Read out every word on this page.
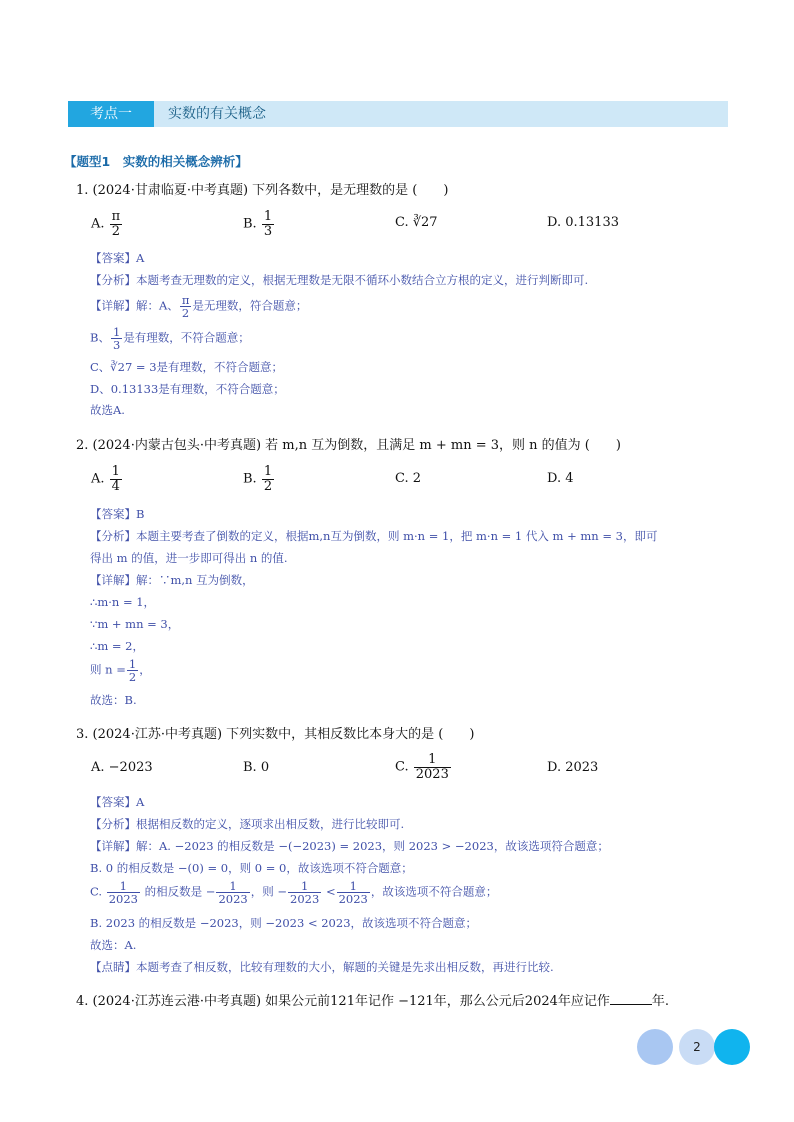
考点一	实数的有关概念
【题型1　实数的相关概念辨析】
1. (2024·甘肃临夏·中考真题) 下列各数中，是无理数的是 (　　)
A. $\frac{\pi}{2}$	B. $\frac{1}{3}$	C. ∛27	D. 0.13133
【答案】A
【分析】本题考查无理数的定义，根据无理数是无限不循环小数结合立方根的定义，进行判断即可.
【详解】解：A、 $\frac{\pi}{2}$ 是无理数，符合题意；
B、 $\frac{1}{3}$ 是有理数，不符合题意；
C、∛27 = 3是有理数，不符合题意；
D、0.13133是有理数，不符合题意；
故选A.
2. (2024·内蒙古包头·中考真题) 若 m,n 互为倒数，且满足 m + mn = 3，则 n 的值为 (　　)
A. $\frac{1}{4}$	B. $\frac{1}{2}$	C. 2	D. 4
【答案】B
【分析】本题主要考查了倒数的定义，根据m,n互为倒数，则 m·n = 1，把 m·n = 1 代入 m + mn = 3，即可
得出 m 的值，进一步即可得出 n 的值.
【详解】解：∵m,n 互为倒数，
∴m·n = 1，
∵m + mn = 3，
∴m = 2，
则 $n = \frac{1}{2}$ ，
故选：B.
3. (2024·江苏·中考真题) 下列实数中，其相反数比本身大的是 (　　)
A. −2023	B. 0	C. $\frac{1}{2023}$	D. 2023
【答案】A
【分析】根据相反数的定义，逐项求出相反数，进行比较即可.
【详解】解：A. −2023 的相反数是 −(−2023) = 2023，则 2023 > −2023，故该选项符合题意；
B. 0 的相反数是 −(0) = 0，则 0 = 0，故该选项不符合题意；
C. $\frac{1}{2023}$ 的相反数是 − $\frac{1}{2023}$ ，则 − $\frac{1}{2023} < \frac{1}{2023}$ ，故该选项不符合题意；
B. 2023 的相反数是 −2023，则 −2023 < 2023，故该选项不符合题意；
故选：A.
【点睛】本题考查了相反数，比较有理数的大小，解题的关键是先求出相反数，再进行比较.
4. (2024·江苏连云港·中考真题) 如果公元前121年记作 −121年，那么公元后2024年应记作	年.
2
